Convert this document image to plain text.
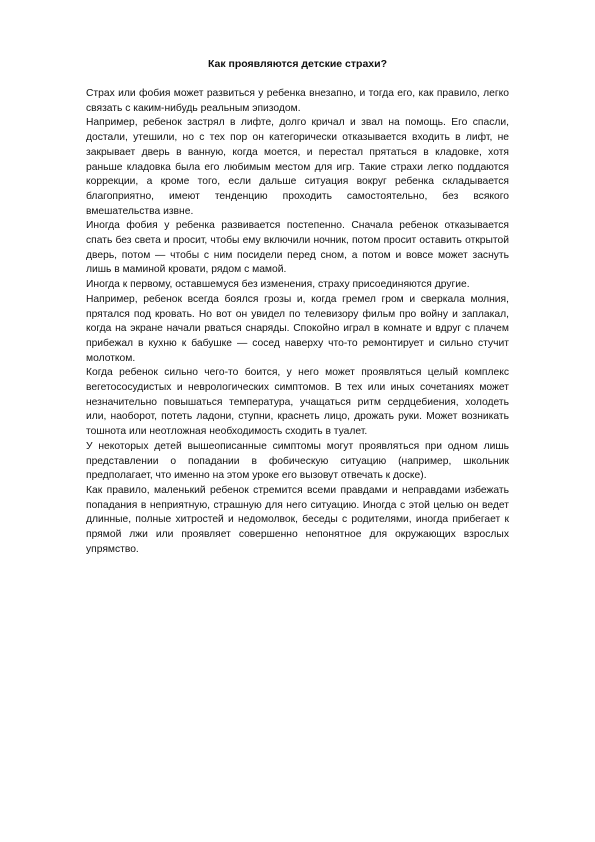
Как проявляются детские страхи?

Страх или фобия может развиться у ребенка внезапно, и тогда его, как правило, легко связать с каким-нибудь реальным эпизодом.

Например, ребенок застрял в лифте, долго кричал и звал на помощь. Его спасли, достали, утешили, но с тех пор он категорически отказывается входить в лифт, не закрывает дверь в ванную, когда моется, и перестал прятаться в кладовке, хотя раньше кладовка была его любимым местом для игр. Такие страхи легко поддаются коррекции, а кроме того, если дальше ситуация вокруг ребенка складывается благоприятно, имеют тенденцию проходить самостоятельно, без всякого вмешательства извне.

Иногда фобия у ребенка развивается постепенно. Сначала ребенок отказывается спать без света и просит, чтобы ему включили ночник, потом просит оставить открытой дверь, потом — чтобы с ним посидели перед сном, а потом и вовсе может заснуть лишь в маминой кровати, рядом с мамой.

Иногда к первому, оставшемуся без изменения, страху присоединяются другие.

Например, ребенок всегда боялся грозы и, когда гремел гром и сверкала молния, прятался под кровать. Но вот он увидел по телевизору фильм про войну и заплакал, когда на экране начали рваться снаряды. Спокойно играл в комнате и вдруг с плачем прибежал в кухню к бабушке — сосед наверху что-то ремонтирует и сильно стучит молотком.

Когда ребенок сильно чего-то боится, у него может проявляться целый комплекс вегетососудистых и неврологических симптомов. В тех или иных сочетаниях может незначительно повышаться температура, учащаться ритм сердцебиения, холодеть или, наоборот, потеть ладони, ступни, краснеть лицо, дрожать руки. Может возникать тошнота или неотложная необходимость сходить в туалет.

У некоторых детей вышеописанные симптомы могут проявляться при одном лишь представлении о попадании в фобическую ситуацию (например, школьник предполагает, что именно на этом уроке его вызовут отвечать к доске).

Как правило, маленький ребенок стремится всеми правдами и неправдами избежать попадания в неприятную, страшную для него ситуацию. Иногда с этой целью он ведет длинные, полные хитростей и недомолвок, беседы с родителями, иногда прибегает к прямой лжи или проявляет совершенно непонятное для окружающих взрослых упрямство.
